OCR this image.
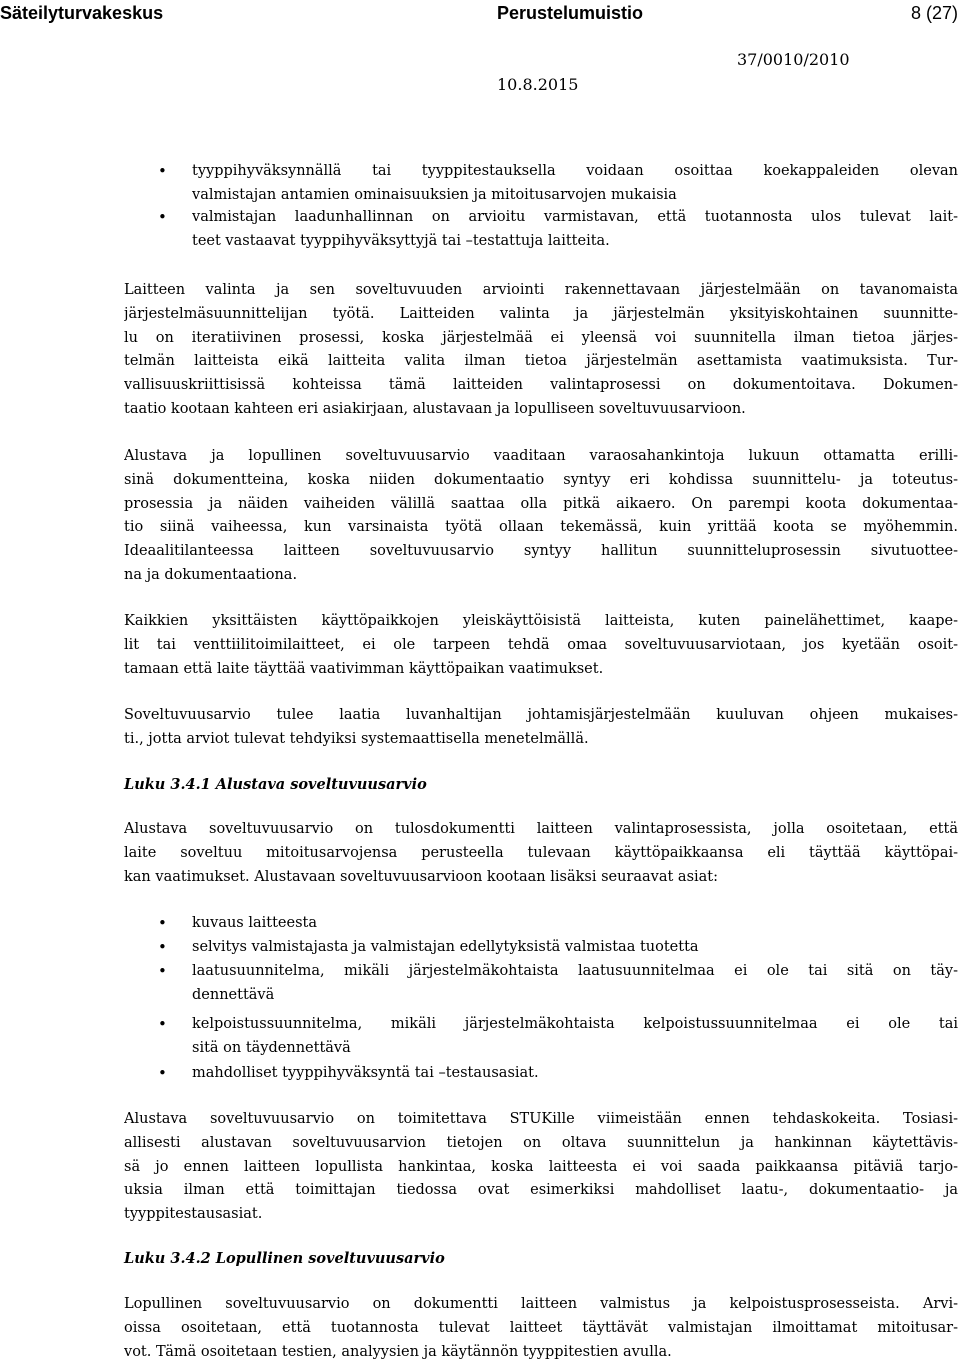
Säteilyturvakeskus	Perustelumuistio	8 (27)
37/0010/2010
10.8.2015
•
tyyppihyväksynnällä tai tyyppitestauksella voidaan osoittaa koekappaleiden olevan
valmistajan antamien ominaisuuksien ja mitoitusarvojen mukaisia
•
valmistajan laadunhallinnan on arvioitu varmistavan, että tuotannosta ulos tulevat lait-
teet vastaavat tyyppihyväksyttyjä tai –testattuja laitteita.
Laitteen valinta ja sen soveltuvuuden arviointi rakennettavaan järjestelmään on tavanomaista
järjestelmäsuunnittelijan työtä. Laitteiden valinta ja järjestelmän yksityiskohtainen suunnitte-
lu on iteratiivinen prosessi, koska järjestelmää ei yleensä voi suunnitella ilman tietoa järjes-
telmän laitteista eikä laitteita valita ilman tietoa järjestelmän asettamista vaatimuksista. Tur-
vallisuuskriittisissä kohteissa tämä laitteiden valintaprosessi on dokumentoitava. Dokumen-
taatio kootaan kahteen eri asiakirjaan, alustavaan ja lopulliseen soveltuvuusarvioon.
Alustava ja lopullinen soveltuvuusarvio vaaditaan varaosahankintoja lukuun ottamatta erilli-
sinä dokumentteina, koska niiden dokumentaatio syntyy eri kohdissa suunnittelu- ja toteutus-
prosessia ja näiden vaiheiden välillä saattaa olla pitkä aikaero. On parempi koota dokumentaa-
tio siinä vaiheessa, kun varsinaista työtä ollaan tekemässä, kuin yrittää koota se myöhemmin.
Ideaalitilanteessa laitteen soveltuvuusarvio syntyy hallitun suunnitteluprosessin sivutuottee-
na ja dokumentaationa.
Kaikkien yksittäisten käyttöpaikkojen yleiskäyttöisistä laitteista, kuten painelähettimet, kaape-
lit tai venttiilitoimilaitteet, ei ole tarpeen tehdä omaa soveltuvuusarviotaan, jos kyetään osoit-
tamaan että laite täyttää vaativimman käyttöpaikan vaatimukset.
Soveltuvuusarvio tulee laatia luvanhaltijan johtamisjärjestelmään kuuluvan ohjeen mukaises-
ti., jotta arviot tulevat tehdyiksi systemaattisella menetelmällä.
Luku 3.4.1 Alustava soveltuvuusarvio
Alustava soveltuvuusarvio on tulosdokumentti laitteen valintaprosessista, jolla osoitetaan, että
laite soveltuu mitoitusarvojensa perusteella tulevaan käyttöpaikkaansa eli täyttää käyttöpai-
kan vaatimukset. Alustavaan soveltuvuusarvioon kootaan lisäksi seuraavat asiat:
•
kuvaus laitteesta
•
selvitys valmistajasta ja valmistajan edellytyksistä valmistaa tuotetta
•
laatusuunnitelma, mikäli järjestelmäkohtaista laatusuunnitelmaa ei ole tai sitä on täy-
dennettävä
•
kelpoistussuunnitelma, mikäli järjestelmäkohtaista kelpoistussuunnitelmaa ei ole tai
sitä on täydennettävä
•
mahdolliset tyyppihyväksyntä tai –testausasiat.
Alustava soveltuvuusarvio on toimitettava STUKille viimeistään ennen tehdaskokeita. Tosiasi-
allisesti alustavan soveltuvuusarvion tietojen on oltava suunnittelun ja hankinnan käytettävis-
sä jo ennen laitteen lopullista hankintaa, koska laitteesta ei voi saada paikkaansa pitäviä tarjo-
uksia ilman että toimittajan tiedossa ovat esimerkiksi mahdolliset laatu-, dokumentaatio- ja
tyyppitestausasiat.
Luku 3.4.2 Lopullinen soveltuvuusarvio
Lopullinen soveltuvuusarvio on dokumentti laitteen valmistus ja kelpoistusprosesseista. Arvi-
oissa osoitetaan, että tuotannosta tulevat laitteet täyttävät valmistajan ilmoittamat mitoitusar-
vot. Tämä osoitetaan testien, analyysien ja käytännön tyyppitestien avulla.
